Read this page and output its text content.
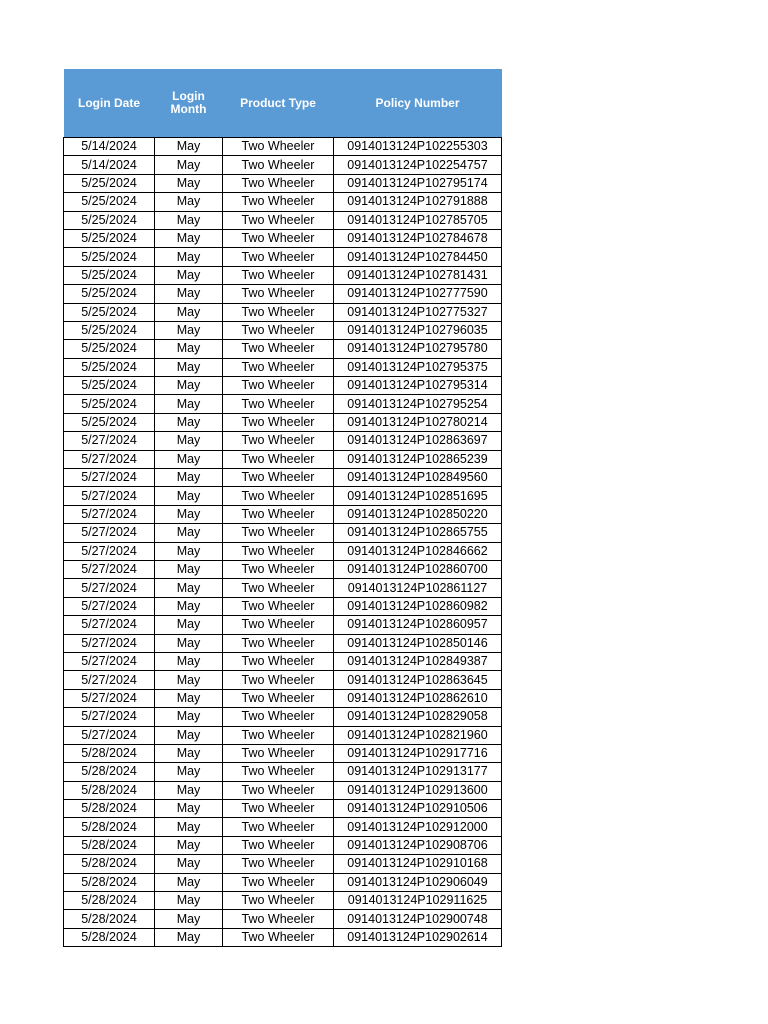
Login Date	Login Month	Product Type	Policy Number
5/14/2024	May	Two Wheeler	0914013124P102255303
5/14/2024	May	Two Wheeler	0914013124P102254757
5/25/2024	May	Two Wheeler	0914013124P102795174
5/25/2024	May	Two Wheeler	0914013124P102791888
5/25/2024	May	Two Wheeler	0914013124P102785705
5/25/2024	May	Two Wheeler	0914013124P102784678
5/25/2024	May	Two Wheeler	0914013124P102784450
5/25/2024	May	Two Wheeler	0914013124P102781431
5/25/2024	May	Two Wheeler	0914013124P102777590
5/25/2024	May	Two Wheeler	0914013124P102775327
5/25/2024	May	Two Wheeler	0914013124P102796035
5/25/2024	May	Two Wheeler	0914013124P102795780
5/25/2024	May	Two Wheeler	0914013124P102795375
5/25/2024	May	Two Wheeler	0914013124P102795314
5/25/2024	May	Two Wheeler	0914013124P102795254
5/25/2024	May	Two Wheeler	0914013124P102780214
5/27/2024	May	Two Wheeler	0914013124P102863697
5/27/2024	May	Two Wheeler	0914013124P102865239
5/27/2024	May	Two Wheeler	0914013124P102849560
5/27/2024	May	Two Wheeler	0914013124P102851695
5/27/2024	May	Two Wheeler	0914013124P102850220
5/27/2024	May	Two Wheeler	0914013124P102865755
5/27/2024	May	Two Wheeler	0914013124P102846662
5/27/2024	May	Two Wheeler	0914013124P102860700
5/27/2024	May	Two Wheeler	0914013124P102861127
5/27/2024	May	Two Wheeler	0914013124P102860982
5/27/2024	May	Two Wheeler	0914013124P102860957
5/27/2024	May	Two Wheeler	0914013124P102850146
5/27/2024	May	Two Wheeler	0914013124P102849387
5/27/2024	May	Two Wheeler	0914013124P102863645
5/27/2024	May	Two Wheeler	0914013124P102862610
5/27/2024	May	Two Wheeler	0914013124P102829058
5/27/2024	May	Two Wheeler	0914013124P102821960
5/28/2024	May	Two Wheeler	0914013124P102917716
5/28/2024	May	Two Wheeler	0914013124P102913177
5/28/2024	May	Two Wheeler	0914013124P102913600
5/28/2024	May	Two Wheeler	0914013124P102910506
5/28/2024	May	Two Wheeler	0914013124P102912000
5/28/2024	May	Two Wheeler	0914013124P102908706
5/28/2024	May	Two Wheeler	0914013124P102910168
5/28/2024	May	Two Wheeler	0914013124P102906049
5/28/2024	May	Two Wheeler	0914013124P102911625
5/28/2024	May	Two Wheeler	0914013124P102900748
5/28/2024	May	Two Wheeler	0914013124P102902614
